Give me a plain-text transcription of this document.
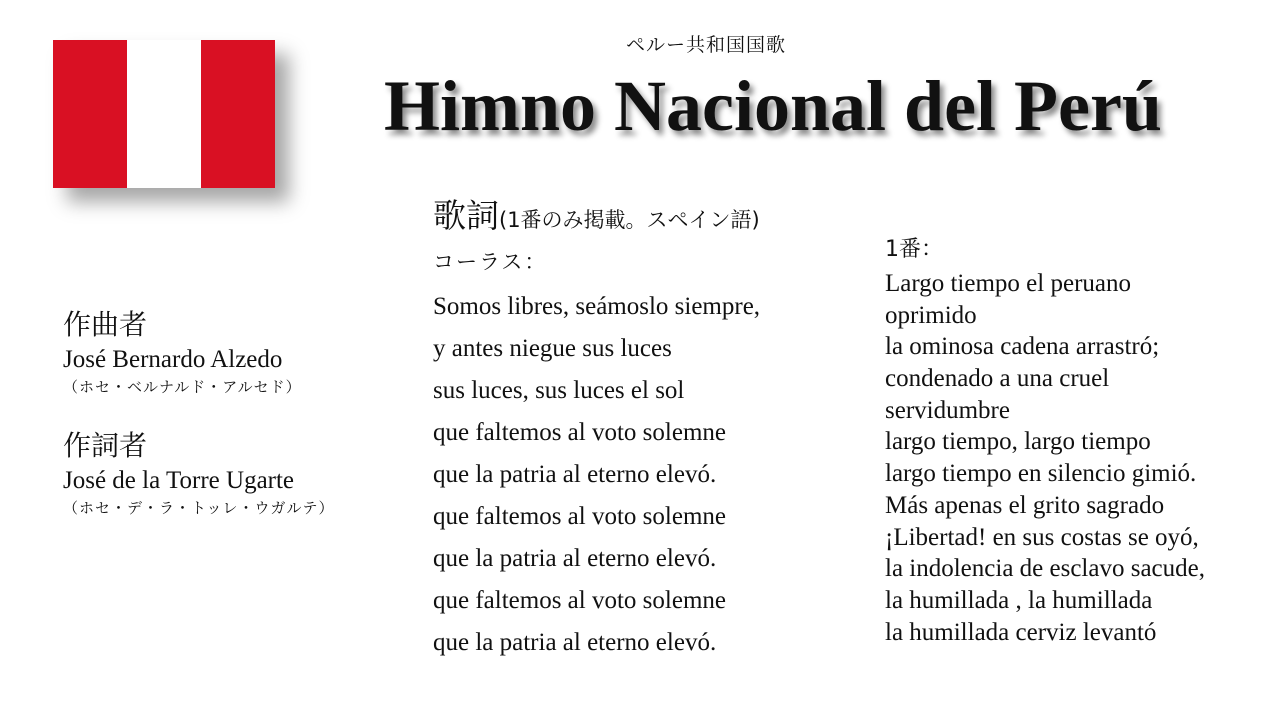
ペルー共和国国歌
Himno Nacional del Perú
作曲者
José Bernardo Alzedo
（ホセ・ベルナルド・アルセド）
作詞者
José de la Torre Ugarte
（ホセ・デ・ラ・トッレ・ウガルテ）
歌詞(1番のみ掲載。スペイン語)
コーラス：
Somos libres, seámoslo siempre,
y antes niegue sus luces
sus luces, sus luces el sol
que faltemos al voto solemne
que la patria al eterno elevó.
que faltemos al voto solemne
que la patria al eterno elevó.
que faltemos al voto solemne
que la patria al eterno elevó.
1番：
Largo tiempo el peruano
oprimido
la ominosa cadena arrastró;
condenado a una cruel
servidumbre
largo tiempo, largo tiempo
largo tiempo en silencio gimió.
Más apenas el grito sagrado
¡Libertad! en sus costas se oyó,
la indolencia de esclavo sacude,
la humillada , la humillada
la humillada cerviz levantó
